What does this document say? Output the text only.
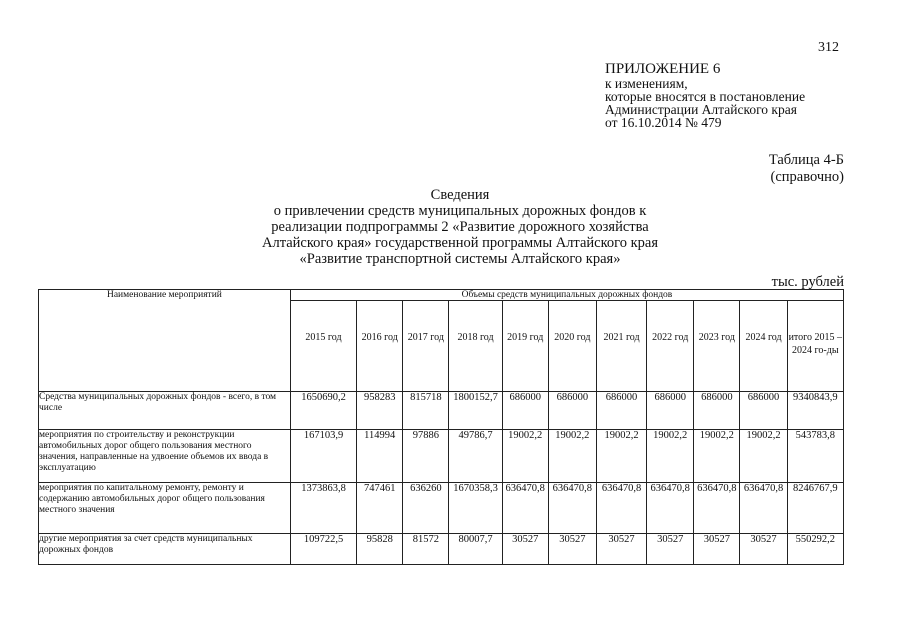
312
ПРИЛОЖЕНИЕ 6
к изменениям,
которые вносятся в постановление
Администрации Алтайского края
от 16.10.2014 № 479
Таблица 4-Б
(справочно)
Сведения
о привлечении средств муниципальных дорожных фондов к
реализации подпрограммы 2 «Развитие дорожного хозяйства
Алтайского края» государственной программы Алтайского края
«Развитие транспортной системы Алтайского края»
тыс. рублей
Наименование мероприятий	Объемы средств муниципальных дорожных фондов										
	2015 год	2016 год	2017 год	2018 год	2019 год	2020 год	2021 год	2022 год	2023 год	2024 год	итого 2015 – 2024 го-ды
Средства муниципальных дорожных фондов - всего, в том числе	1650690,2	958283	815718	1800152,7	686000	686000	686000	686000	686000	686000	9340843,9
мероприятия по строительству и реконструкции автомобильных дорог общего пользования местного значения, направленные на удвоение объемов их ввода в эксплуатацию	167103,9	114994	97886	49786,7	19002,2	19002,2	19002,2	19002,2	19002,2	19002,2	543783,8
мероприятия по капитальному ремонту, ремонту и содержанию автомобильных дорог общего пользования местного значения	1373863,8	747461	636260	1670358,3	636470,8	636470,8	636470,8	636470,8	636470,8	636470,8	8246767,9
другие мероприятия за счет средств муниципальных дорожных фондов	109722,5	95828	81572	80007,7	30527	30527	30527	30527	30527	30527	550292,2
